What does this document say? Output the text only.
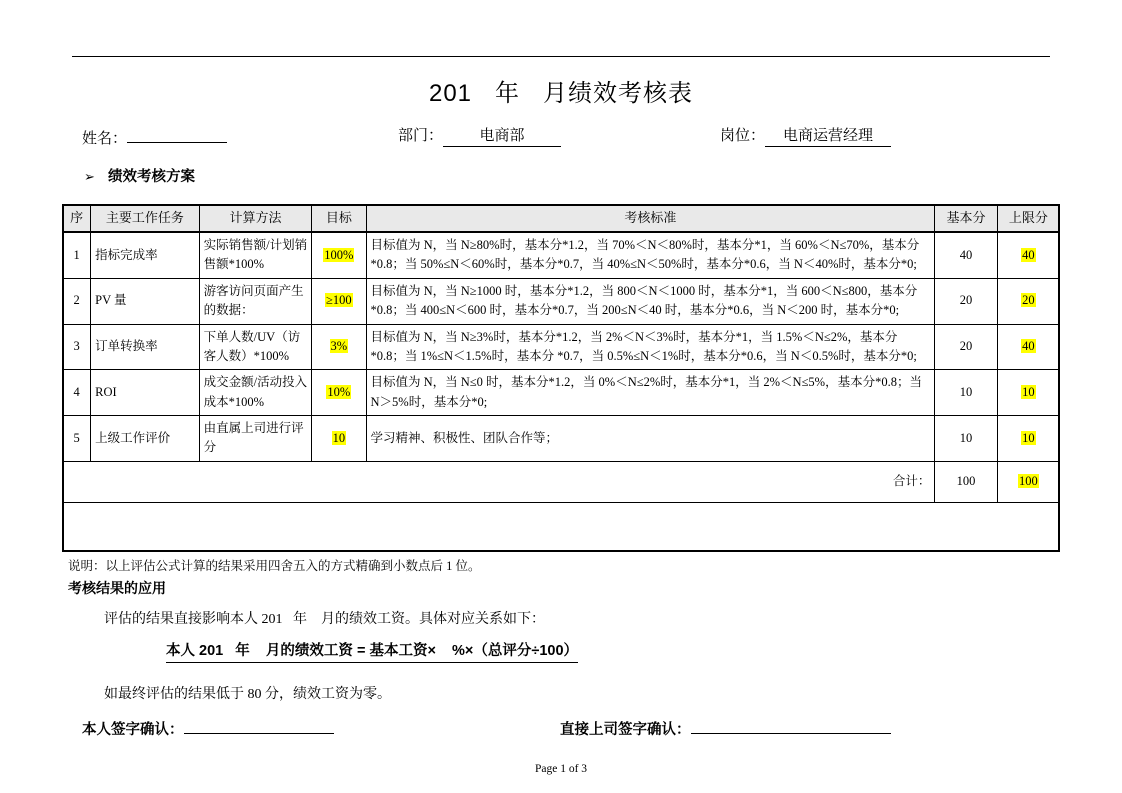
201   年   月绩效考核表
姓名：	部门： 电商部	岗位： 电商运营经理
➢ 绩效考核方案
序	主要工作任务	计算方法	目标	考核标准	基本分	上限分
1	指标完成率	实际销售额/计划销售额*100%	100%	目标值为 N，当 N≥80%时，基本分*1.2，当 70%＜N＜80%时，基本分*1，当 60%＜N≤70%，基本分*0.8；当 50%≤N＜60%时，基本分*0.7，当 40%≤N＜50%时，基本分*0.6，当 N＜40%时，基本分*0;	40	40
2	PV 量	游客访问页面产生的数据：	≥100	目标值为 N，当 N≥1000 时，基本分*1.2，当 800＜N＜1000 时，基本分*1，当 600＜N≤800，基本分*0.8；当 400≤N＜600 时，基本分*0.7，当 200≤N＜40 时，基本分*0.6，当 N＜200 时，基本分*0;	20	20
3	订单转换率	下单人数/UV（访客人数）*100%	3%	目标值为 N，当 N≥3%时，基本分*1.2，当 2%＜N＜3%时，基本分*1，当 1.5%＜N≤2%，基本分*0.8；当 1%≤N＜1.5%时，基本分 *0.7，当 0.5%≤N＜1%时，基本分*0.6，当 N＜0.5%时，基本分*0;	20	40
4	ROI	成交金额/活动投入成本*100%	10%	目标值为 N，当 N≤0 时，基本分*1.2，当 0%＜N≤2%时，基本分*1，当 2%＜N≤5%，基本分*0.8；当 N＞5%时，基本分*0;	10	10
5	上级工作评价	由直属上司进行评分	10	学习精神、积极性、团队合作等；	10	10
合计：					100	100
说明：以上评估公式计算的结果采用四舍五入的方式精确到小数点后 1 位。
考核结果的应用
评估的结果直接影响本人 201   年    月的绩效工资。具体对应关系如下：
本人 201   年    月的绩效工资 = 基本工资×    %×（总评分÷100）
如最终评估的结果低于 80 分，绩效工资为零。
本人签字确认：	直接上司签字确认：
Page 1 of 3
